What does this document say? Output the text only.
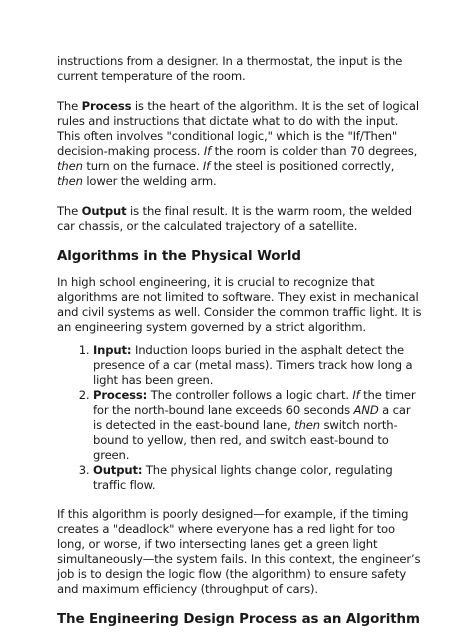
instructions from a designer. In a thermostat, the input is the current temperature of the room.

The Process is the heart of the algorithm. It is the set of logical rules and instructions that dictate what to do with the input. This often involves "conditional logic," which is the "If/Then" decision-making process. If the room is colder than 70 degrees, then turn on the furnace. If the steel is positioned correctly, then lower the welding arm.

The Output is the final result. It is the warm room, the welded car chassis, or the calculated trajectory of a satellite.

Algorithms in the Physical World

In high school engineering, it is crucial to recognize that algorithms are not limited to software. They exist in mechanical and civil systems as well. Consider the common traffic light. It is an engineering system governed by a strict algorithm.

1. Input: Induction loops buried in the asphalt detect the presence of a car (metal mass). Timers track how long a light has been green.
2. Process: The controller follows a logic chart. If the timer for the north-bound lane exceeds 60 seconds AND a car is detected in the east-bound lane, then switch north-bound to yellow, then red, and switch east-bound to green.
3. Output: The physical lights change color, regulating traffic flow.

If this algorithm is poorly designed—for example, if the timing creates a "deadlock" where everyone has a red light for too long, or worse, if two intersecting lanes get a green light simultaneously—the system fails. In this context, the engineer’s job is to design the logic flow (the algorithm) to ensure safety and maximum efficiency (throughput of cars).

The Engineering Design Process as an Algorithm
